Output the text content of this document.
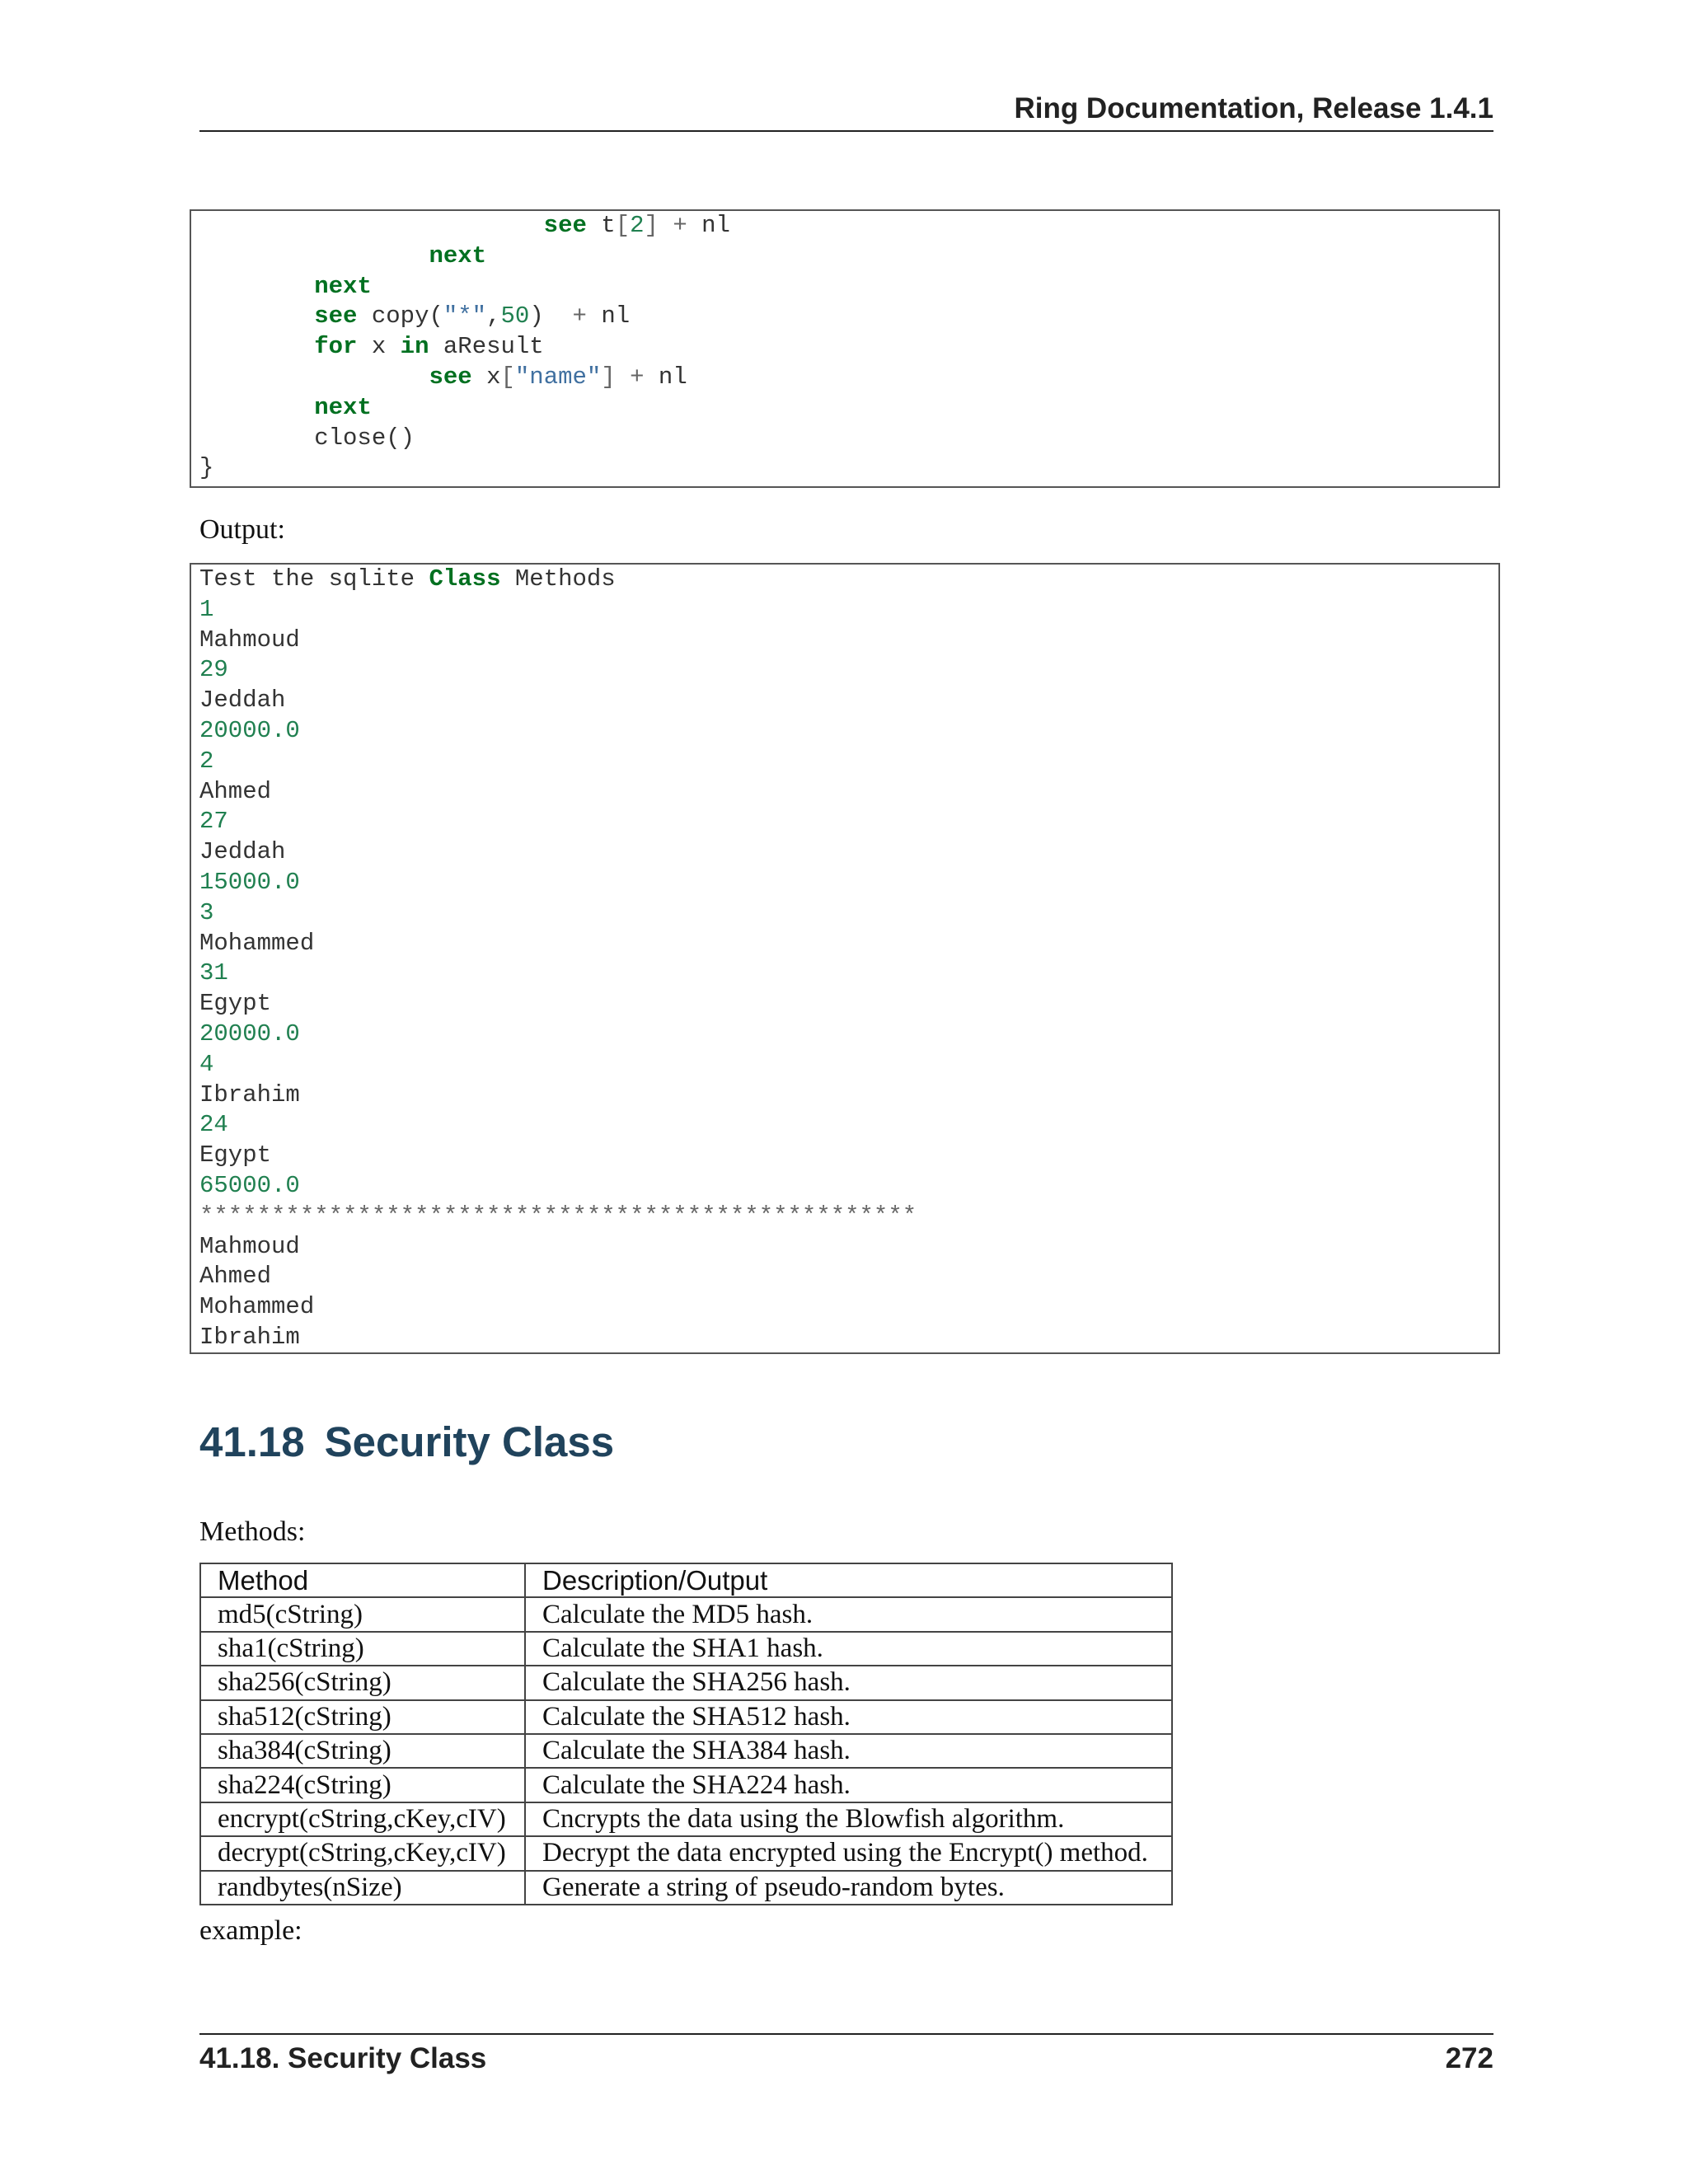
Ring Documentation, Release 1.4.1
see t[2] + nl
next
next
see copy("*",50)  + nl
for x in aResult
see x["name"] + nl
next
close()
}
Output:
Test the sqlite Class Methods
1
Mahmoud
29
Jeddah
20000.0
2
Ahmed
27
Jeddah
15000.0
3
Mohammed
31
Egypt
20000.0
4
Ibrahim
24
Egypt
65000.0
**************************************************
Mahmoud
Ahmed
Mohammed
Ibrahim
41.18 Security Class
Methods:
Method	Description/Output
md5(cString)	Calculate the MD5 hash.
sha1(cString)	Calculate the SHA1 hash.
sha256(cString)	Calculate the SHA256 hash.
sha512(cString)	Calculate the SHA512 hash.
sha384(cString)	Calculate the SHA384 hash.
sha224(cString)	Calculate the SHA224 hash.
encrypt(cString,cKey,cIV)	Cncrypts the data using the Blowfish algorithm.
decrypt(cString,cKey,cIV)	Decrypt the data encrypted using the Encrypt() method.
randbytes(nSize)	Generate a string of pseudo-random bytes.
example:
41.18. Security Class	272
